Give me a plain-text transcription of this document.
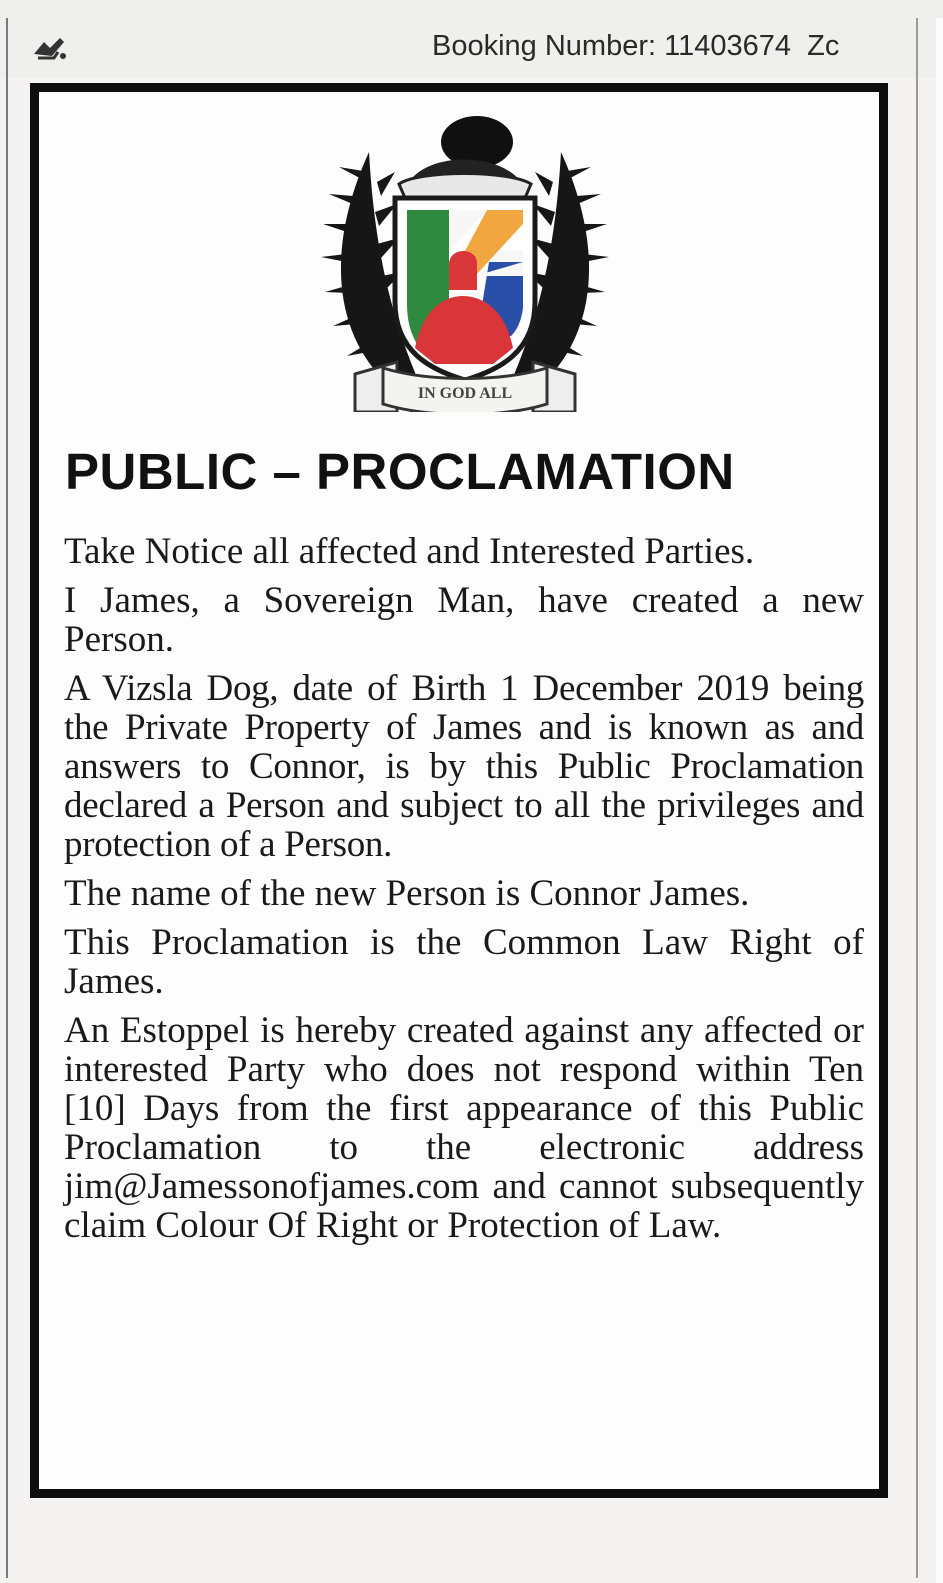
Booking Number: 11403674 Zc
IN GOD ALL
PUBLIC – PROCLAMATION

Take Notice all affected and Interested Parties.

I James, a Sovereign Man, have created a new Person.

A Vizsla Dog, date of Birth 1 December 2019 being the Private Property of James and is known as and answers to Connor, is by this Public Proclamation declared a Person and subject to all the privileges and protection of a Person.

The name of the new Person is Connor James.

This Proclamation is the Common Law Right of James.

An Estoppel is hereby created against any affected or interested Party who does not respond within Ten [10] Days from the first appearance of this Public Proclamation to the electronic address jim@Jamessonofjames.com and cannot subsequently claim Colour Of Right or Protection of Law.
